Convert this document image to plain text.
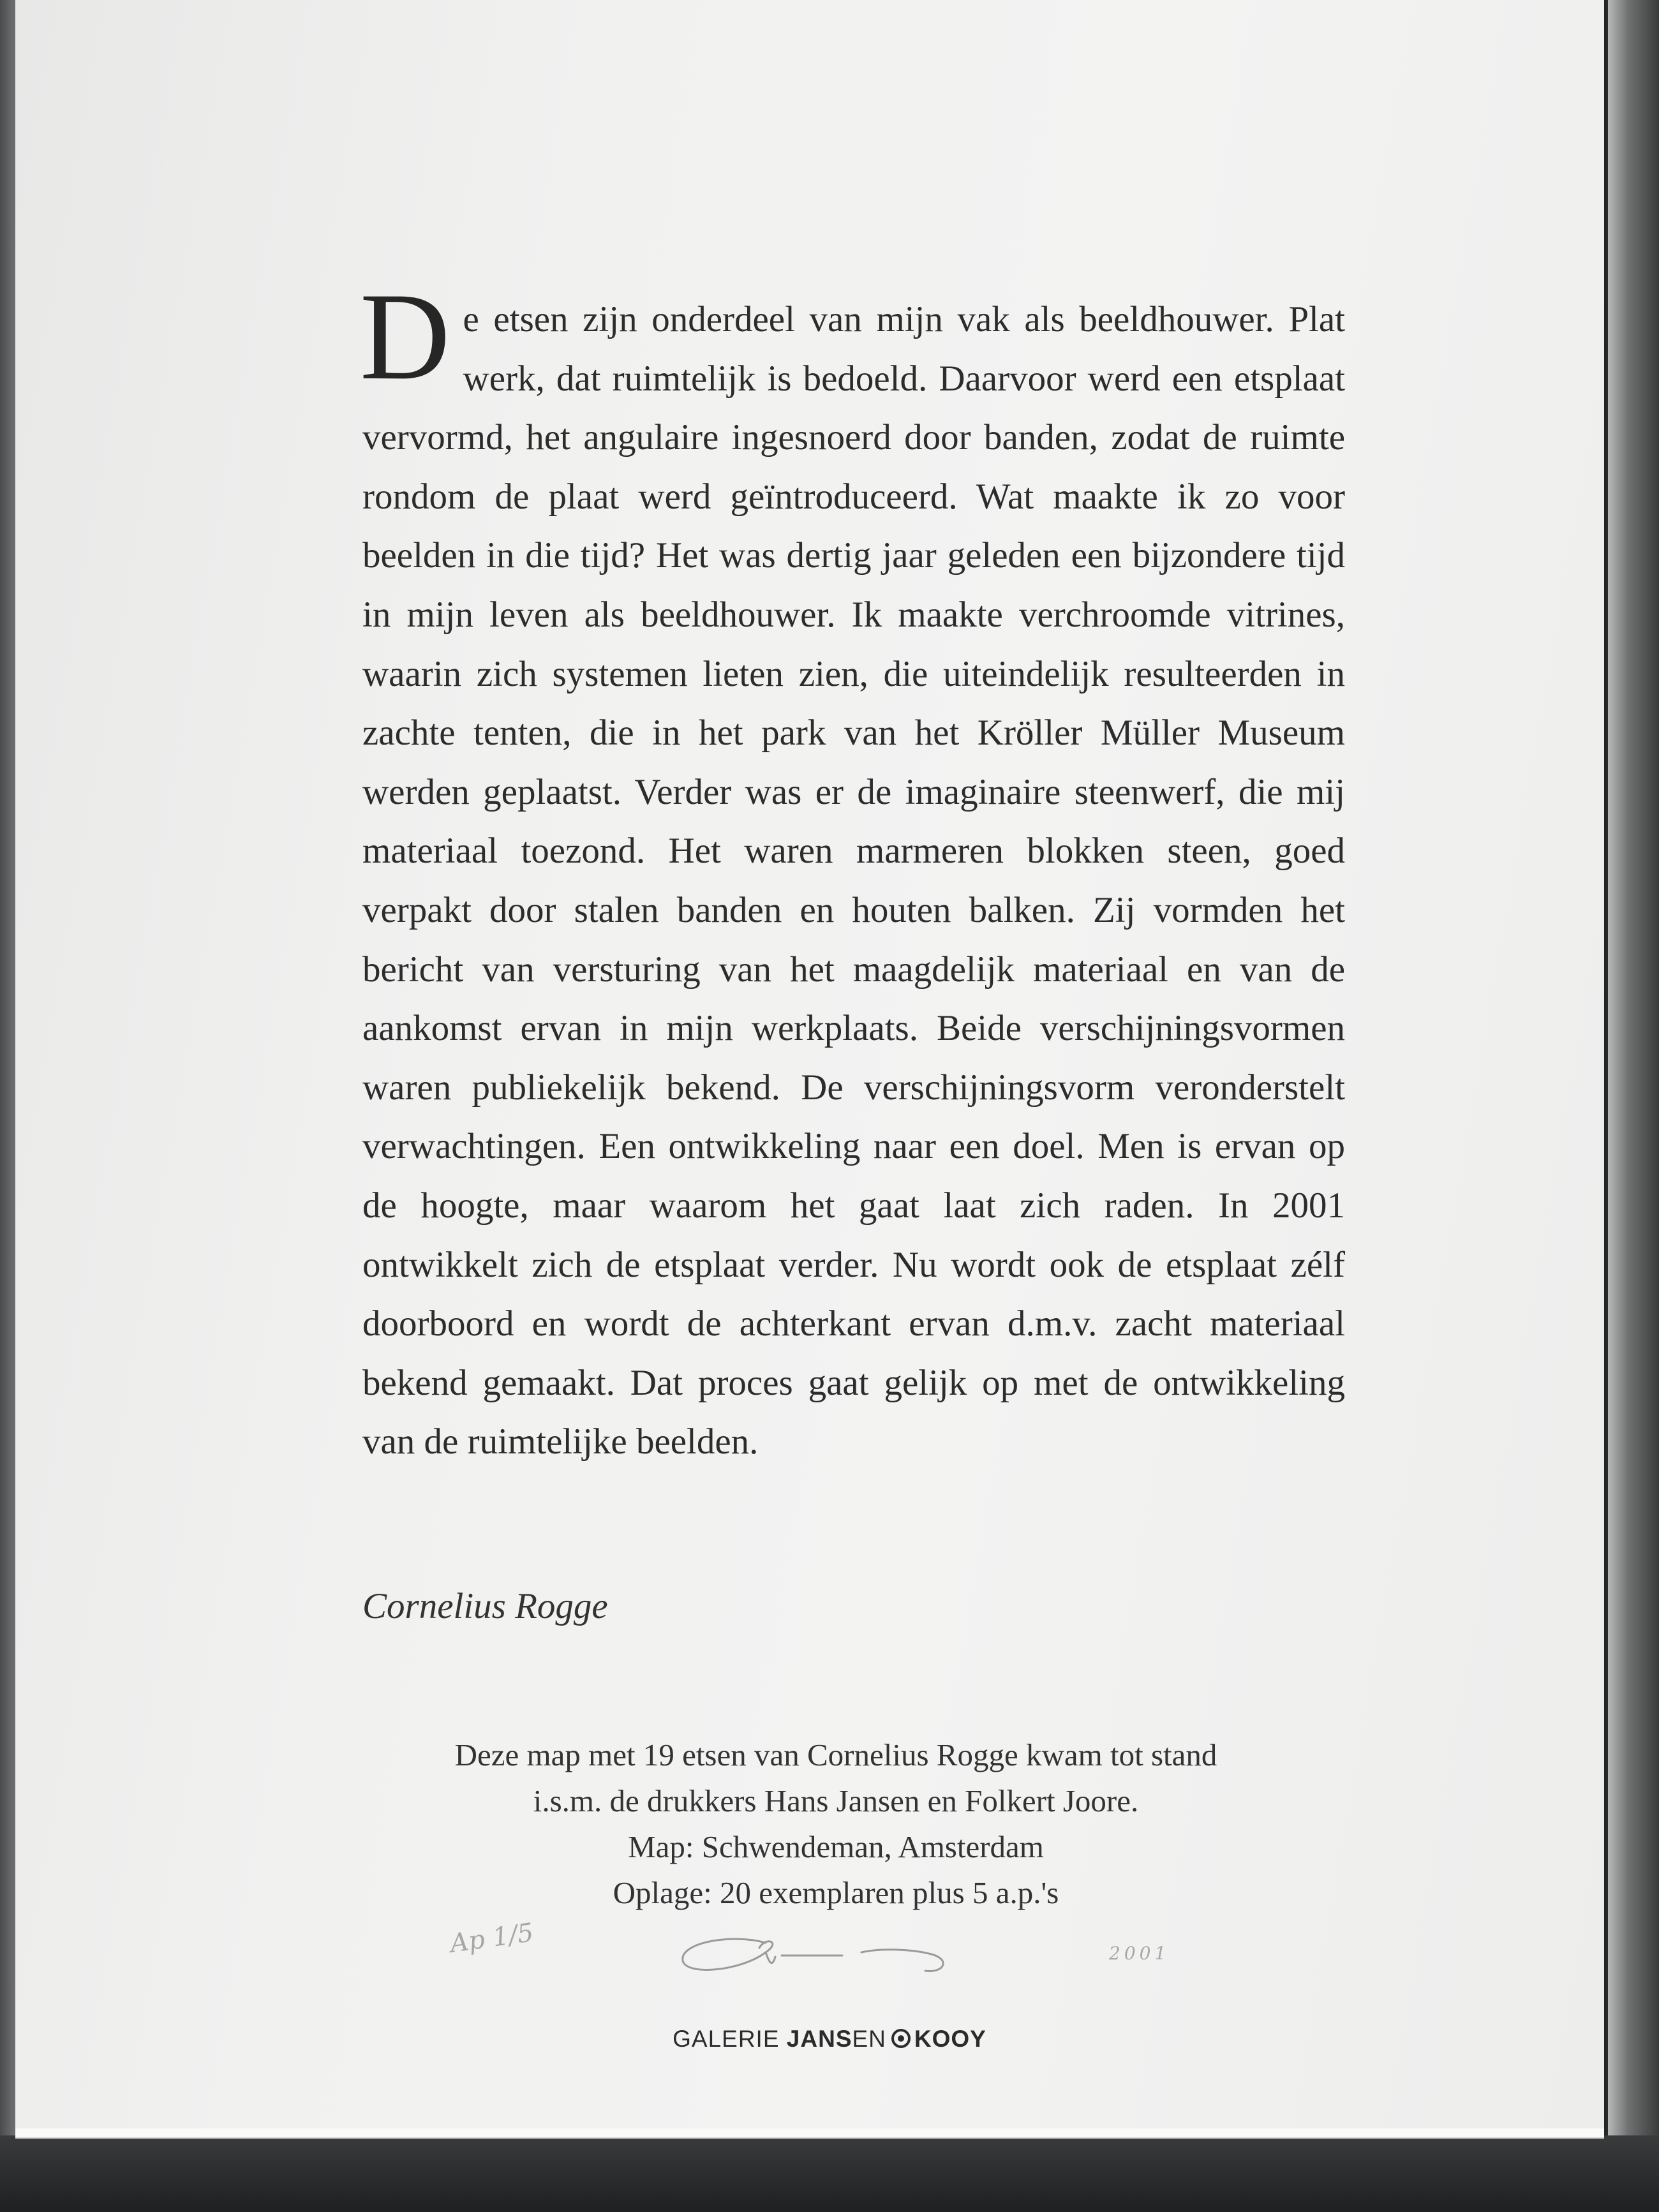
De etsen zijn onderdeel van mijn vak als beeldhouwer. Plat werk, dat ruimtelijk is bedoeld. Daarvoor werd een etsplaat vervormd, het angulaire ingesnoerd door banden, zodat de ruimte rondom de plaat werd geïntroduceerd. Wat maakte ik zo voor beelden in die tijd? Het was dertig jaar geleden een bijzondere tijd in mijn leven als beeldhouwer. Ik maakte verchroomde vitrines, waarin zich systemen lieten zien, die uiteindelijk resulteerden in zachte tenten, die in het park van het Kröller Müller Museum werden geplaatst. Verder was er de imaginaire steenwerf, die mij materiaal toezond. Het waren marmeren blokken steen, goed verpakt door stalen banden en houten balken. Zij vormden het bericht van versturing van het maagdelijk materiaal en van de aankomst ervan in mijn werkplaats. Beide verschijningsvormen waren publiekelijk bekend. De verschijningsvorm veronderstelt verwachtingen. Een ontwikkeling naar een doel. Men is ervan op de hoogte, maar waarom het gaat laat zich raden. In 2001 ontwikkelt zich de etsplaat verder. Nu wordt ook de etsplaat zélf doorboord en wordt de achterkant ervan d.m.v. zacht materiaal bekend gemaakt. Dat proces gaat gelijk op met de ontwikkeling van de ruimtelijke beelden.

Cornelius Rogge

Deze map met 19 etsen van Cornelius Rogge kwam tot stand
i.s.m. de drukkers Hans Jansen en Folkert Joore.
Map: Schwendeman, Amsterdam
Oplage: 20 exemplaren plus 5 a.p.'s
Ap 1/5	2001
GALERIE JANSEN KOOY
